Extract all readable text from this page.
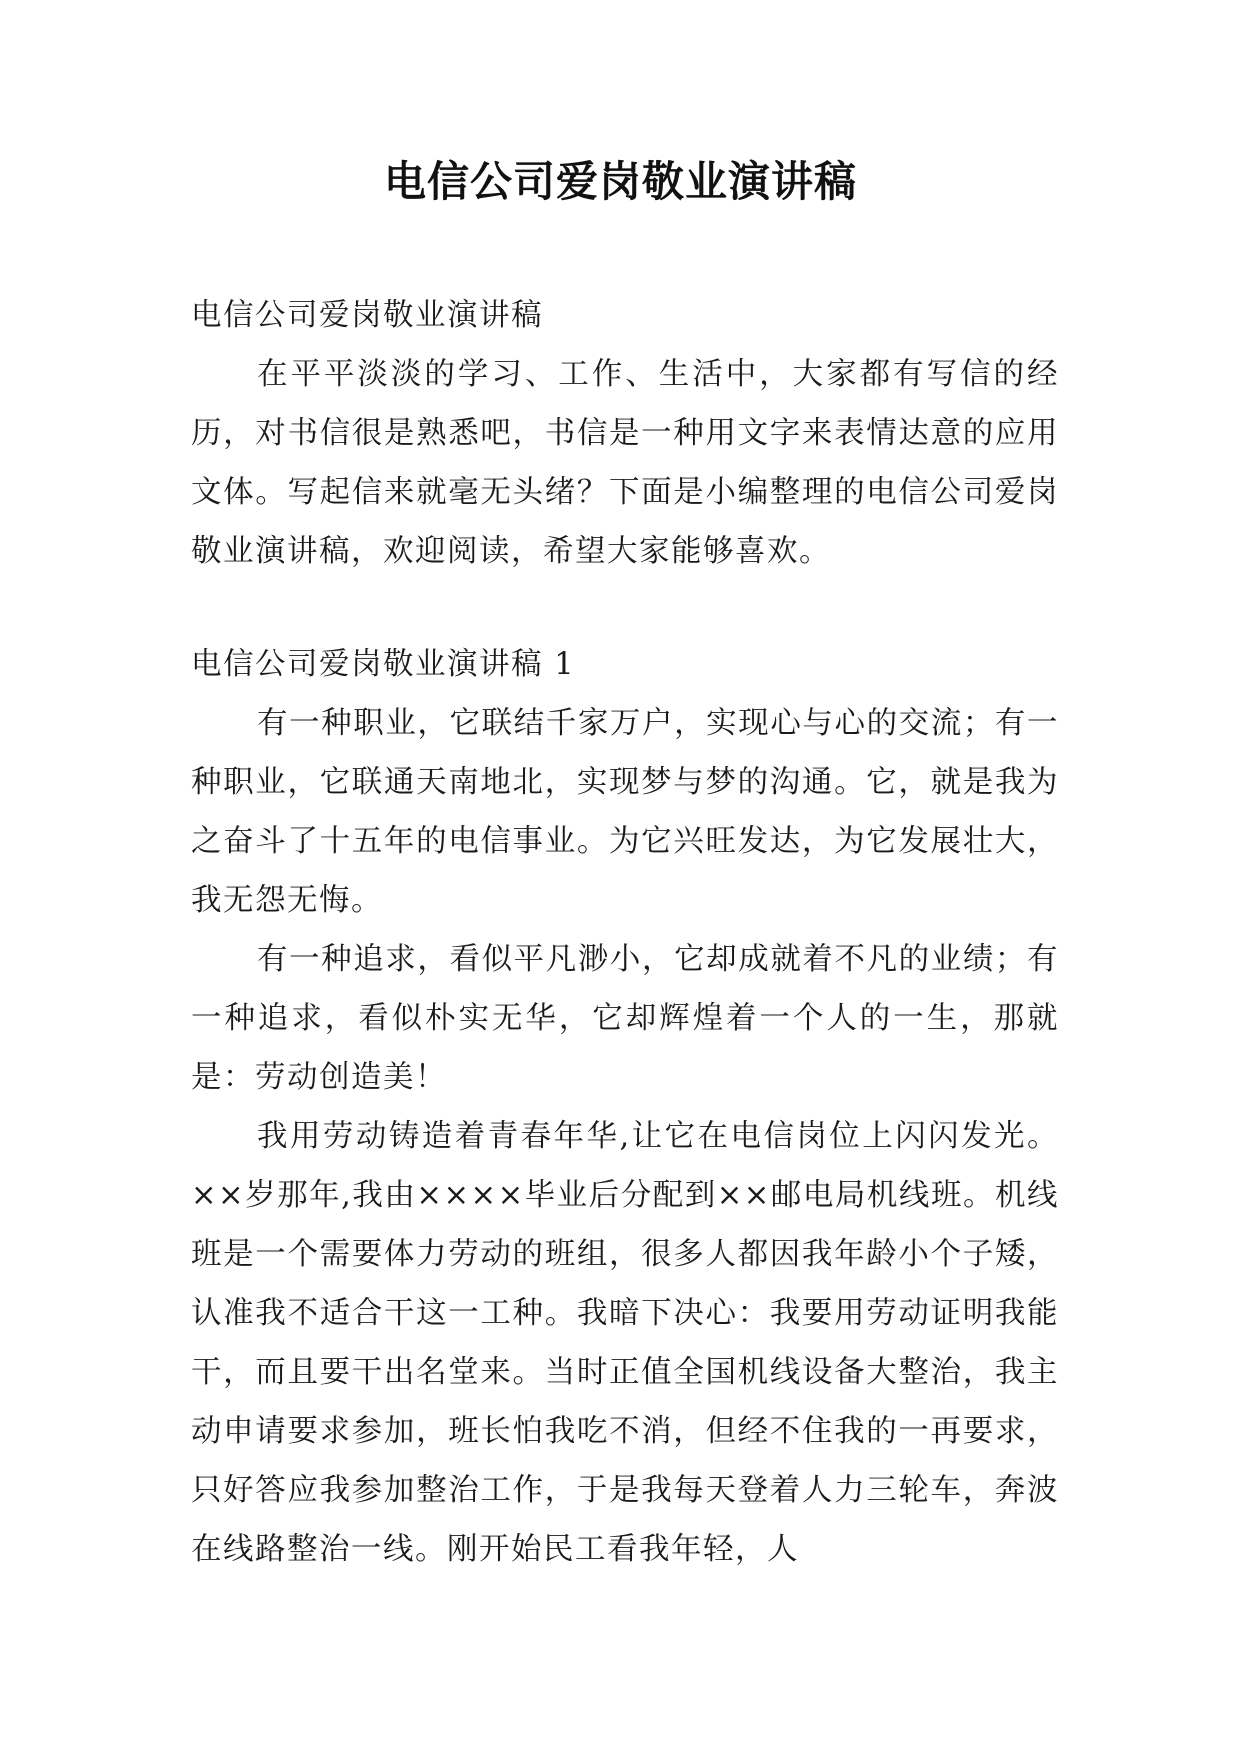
电信公司爱岗敬业演讲稿

电信公司爱岗敬业演讲稿

在平平淡淡的学习、工作、生活中，大家都有写信的经历，对书信很是熟悉吧，书信是一种用文字来表情达意的应用文体。写起信来就毫无头绪？下面是小编整理的电信公司爱岗敬业演讲稿，欢迎阅读，希望大家能够喜欢。

电信公司爱岗敬业演讲稿 1

有一种职业，它联结千家万户，实现心与心的交流；有一种职业，它联通天南地北，实现梦与梦的沟通。它，就是我为之奋斗了十五年的电信事业。为它兴旺发达，为它发展壮大，我无怨无悔。

有一种追求，看似平凡渺小，它却成就着不凡的业绩；有一种追求，看似朴实无华，它却辉煌着一个人的一生，那就是：劳动创造美！

我用劳动铸造着青春年华,让它在电信岗位上闪闪发光。××岁那年,我由××××毕业后分配到××邮电局机线班。机线班是一个需要体力劳动的班组，很多人都因我年龄小个子矮，认准我不适合干这一工种。我暗下决心：我要用劳动证明我能干，而且要干出名堂来。当时正值全国机线设备大整治，我主动申请要求参加，班长怕我吃不消，但经不住我的一再要求，只好答应我参加整治工作，于是我每天登着人力三轮车，奔波在线路整治一线。刚开始民工看我年轻，人
